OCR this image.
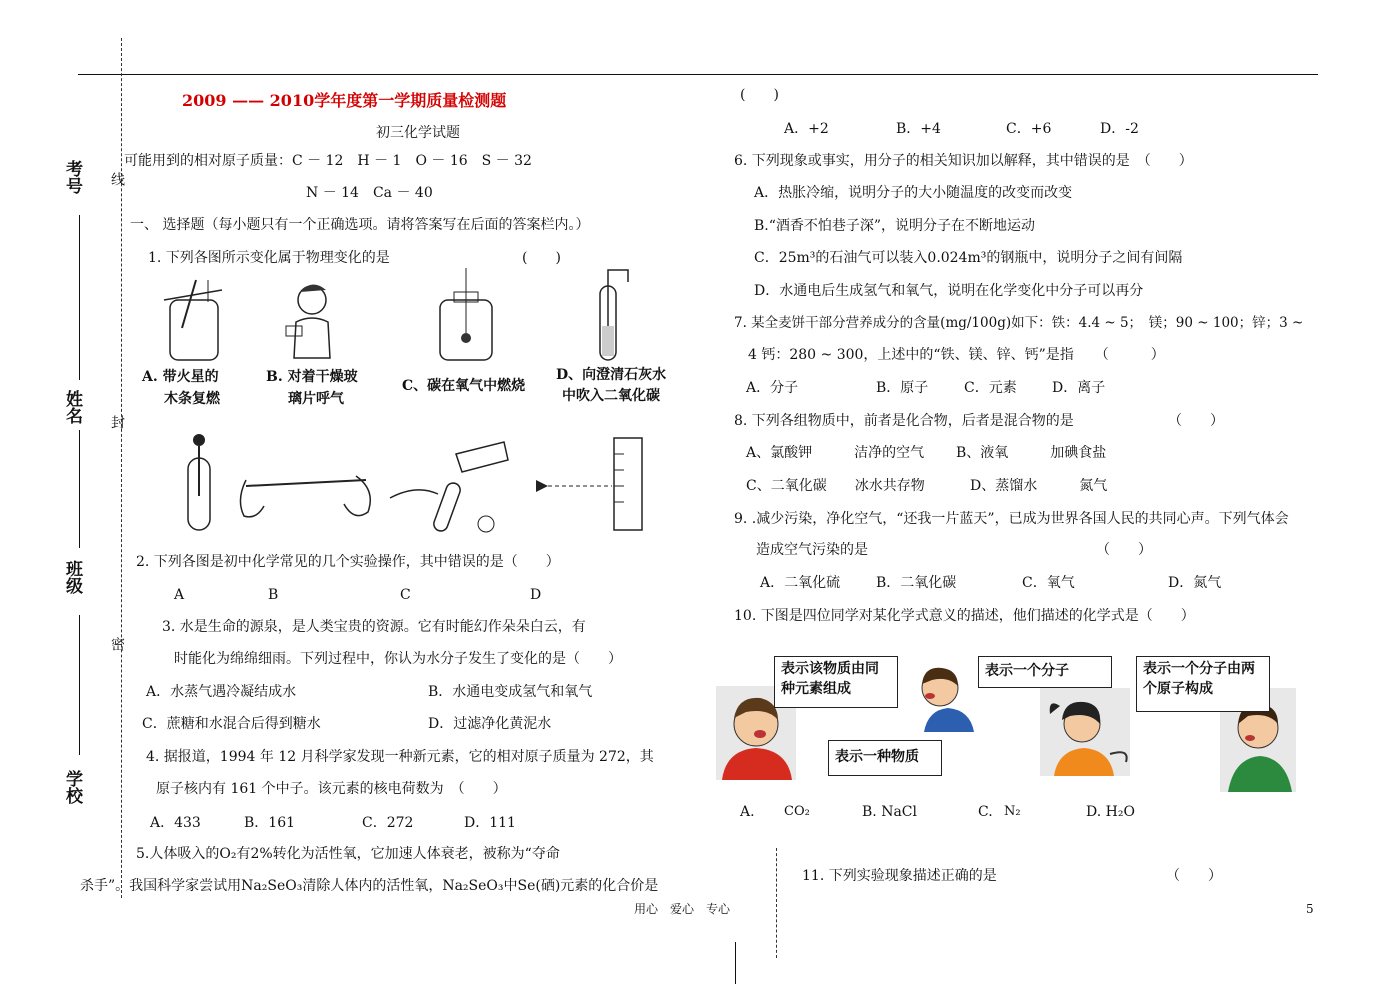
考号
姓名
班级
学校
线
封
密
2009 —— 2010学年度第一学期质量检测题
初三化学试题
可能用到的相对原子质量：C － 12　H － 1　O － 16　S － 32
N － 14　Ca － 40
一、 选择题（每小题只有一个正确选项。请将答案写在后面的答案栏内。）
1. 下列各图所示变化属于物理变化的是	(　　)
A. 带火星的
木条复燃
B. 对着干燥玻
璃片呼气
C、碳在氧气中燃烧
D、向澄清石灰水
中吹入二氧化碳
2. 下列各图是初中化学常见的几个实验操作，其中错误的是（　　）
A	B	C	D
3. 水是生命的源泉，是人类宝贵的资源。它有时能幻作朵朵白云，有
时能化为绵绵细雨。下列过程中，你认为水分子发生了变化的是（　　）
A．水蒸气遇冷凝结成水	B．水通电变成氢气和氧气
C．蔗糖和水混合后得到糖水	D．过滤净化黄泥水
4. 据报道，1994 年 12 月科学家发现一种新元素，它的相对原子质量为 272，其
原子核内有 161 个中子。该元素的核电荷数为　（　　）
A．433	B．161	C．272	D．111
5.人体吸入的O₂有2%转化为活性氧，它加速人体衰老，被称为“夺命
杀手”。我国科学家尝试用Na₂SeO₃清除人体内的活性氧，Na₂SeO₃中Se(硒)元素的化合价是
(　　)
A．+2	B．+4	C．+6	D．-2
用心　爱心　专心	5
6. 下列现象或事实，用分子的相关知识加以解释，其中错误的是　（　　）
A．热胀冷缩，说明分子的大小随温度的改变而改变
B.“酒香不怕巷子深”，说明分子在不断地运动
C．25m³的石油气可以装入0.024m³的钢瓶中，说明分子之间有间隔
D．水通电后生成氢气和氧气，说明在化学变化中分子可以再分
7. 某全麦饼干部分营养成分的含量(mg/100g)如下：铁：4.4 ~ 5；　镁；90 ~ 100；锌；3 ~
4 钙：280 ~ 300，上述中的“铁、镁、锌、钙”是指　　（　　　）
A．分子	B．原子	C．元素	D．离子
8. 下列各组物质中，前者是化合物，后者是混合物的是	（　　）
A、氯酸钾　　　洁净的空气 B、液氧　　　加碘食盐
C、二氧化碳　　冰水共存物	D、蒸馏水　　　氮气
9. .减少污染，净化空气，“还我一片蓝天”，已成为世界各国人民的共同心声。下列气体会
造成空气污染的是	（　　）
A．二氧化硫	B．二氧化碳	C．氧气	D．氮气
10. 下图是四位同学对某化学式意义的描述，他们描述的化学式是（　　）
表示该物质由同种元素组成
表示一种物质
表示一个分子	表示一个分子由两个原子构成
A. CO₂	B. NaCl	C. N₂	D. H₂O
11. 下列实验现象描述正确的是	（　　）
